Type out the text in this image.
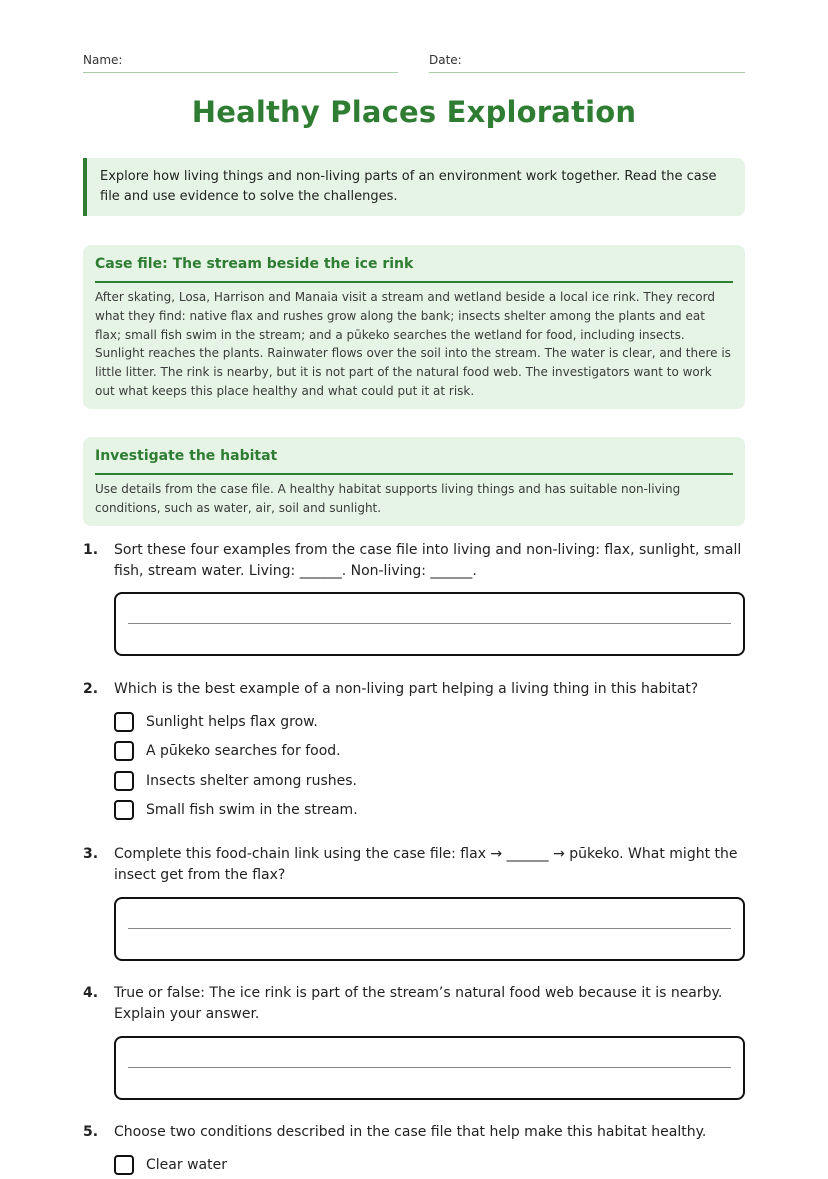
Name:	Date:
Healthy Places Exploration
Explore how living things and non-living parts of an environment work together. Read the case file and use evidence to solve the challenges.
Case file: The stream beside the ice rink
After skating, Losa, Harrison and Manaia visit a stream and wetland beside a local ice rink. They record what they find: native flax and rushes grow along the bank; insects shelter among the plants and eat flax; small fish swim in the stream; and a pūkeko searches the wetland for food, including insects. Sunlight reaches the plants. Rainwater flows over the soil into the stream. The water is clear, and there is little litter. The rink is nearby, but it is not part of the natural food web. The investigators want to work out what keeps this place healthy and what could put it at risk.
Investigate the habitat
Use details from the case file. A healthy habitat supports living things and has suitable non-living conditions, such as water, air, soil and sunlight.
1. Sort these four examples from the case file into living and non-living: flax, sunlight, small fish, stream water. Living: ______. Non-living: ______.
2. Which is the best example of a non-living part helping a living thing in this habitat?
Sunlight helps flax grow.
A pūkeko searches for food.
Insects shelter among rushes.
Small fish swim in the stream.
3. Complete this food-chain link using the case file: flax → ______ → pūkeko. What might the insect get from the flax?
4. True or false: The ice rink is part of the stream’s natural food web because it is nearby. Explain your answer.
5. Choose two conditions described in the case file that help make this habitat healthy.
Clear water
